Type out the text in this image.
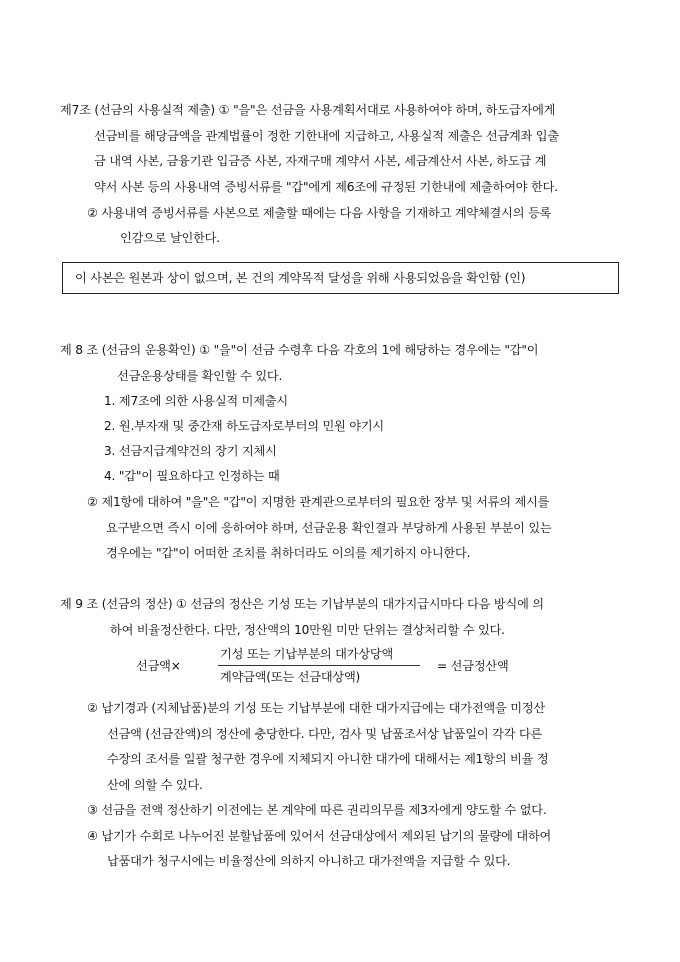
제7조 (선금의 사용실적 제출) ① "을"은 선금을 사용계획서대로 사용하여야 하며, 하도급자에게
선금비를 해당금액을 관계법률이 정한 기한내에 지급하고, 사용실적 제출은 선금계좌 입출
금 내역 사본, 금융기관 입금증 사본, 자재구매 계약서 사본, 세금계산서 사본, 하도급 계
약서 사본 등의 사용내역 증빙서류를 "갑"에게 제6조에 규정된 기한내에 제출하여야 한다.
② 사용내역 증빙서류를 사본으로 제출할 때에는 다음 사항을 기재하고 계약체결시의 등록
인감으로 날인한다.
이 사본은 원본과 상이 없으며, 본 건의 계약목적 달성을 위해 사용되었음을 확인함 (인)
제 8 조 (선금의 운용확인) ① "을"이 선금 수령후 다음 각호의 1에 해당하는 경우에는 "갑"이
선금운용상태를 확인할 수 있다.
1. 제7조에 의한 사용실적 미제출시
2. 원.부자재 및 중간재 하도급자로부터의 민원 야기시
3. 선금지급계약건의 장기 지체시
4. "갑"이 필요하다고 인정하는 때
② 제1항에 대하여 "을"은 "갑"이 지명한 관계관으로부터의 필요한 장부 및 서류의 제시를
요구받으면 즉시 이에 응하여야 하며, 선금운용 확인결과 부당하게 사용된 부분이 있는
경우에는 "갑"이 어떠한 조치를 취하더라도 이의를 제기하지 아니한다.
제 9 조 (선금의 정산) ① 선금의 정산은 기성 또는 기납부분의 대가지급시마다 다음 방식에 의
하여 비율정산한다. 다만, 정산액의 10만원 미만 단위는 결상처리할 수 있다.
선금액×
기성 또는 기납부분의 대가상당액
계약금액(또는 선금대상액)
= 선금정산액
② 납기경과 (지체납품)분의 기성 또는 기납부분에 대한 대가지급에는 대가전액을 미정산
선금액 (선금잔액)의 정산에 충당한다. 다만, 검사 및 납품조서상 납품일이 각각 다른
수장의 조서를 일괄 청구한 경우에 지체되지 아니한 대가에 대해서는 제1항의 비율 정
산에 의할 수 있다.
③ 선금을 전액 정산하기 이전에는 본 계약에 따른 권리의무를 제3자에게 양도할 수 없다.
④ 납기가 수회로 나누어진 분할납품에 있어서 선금대상에서 제외된 납기의 물량에 대하여
납품대가 청구시에는 비율정산에 의하지 아니하고 대가전액을 지급할 수 있다.
